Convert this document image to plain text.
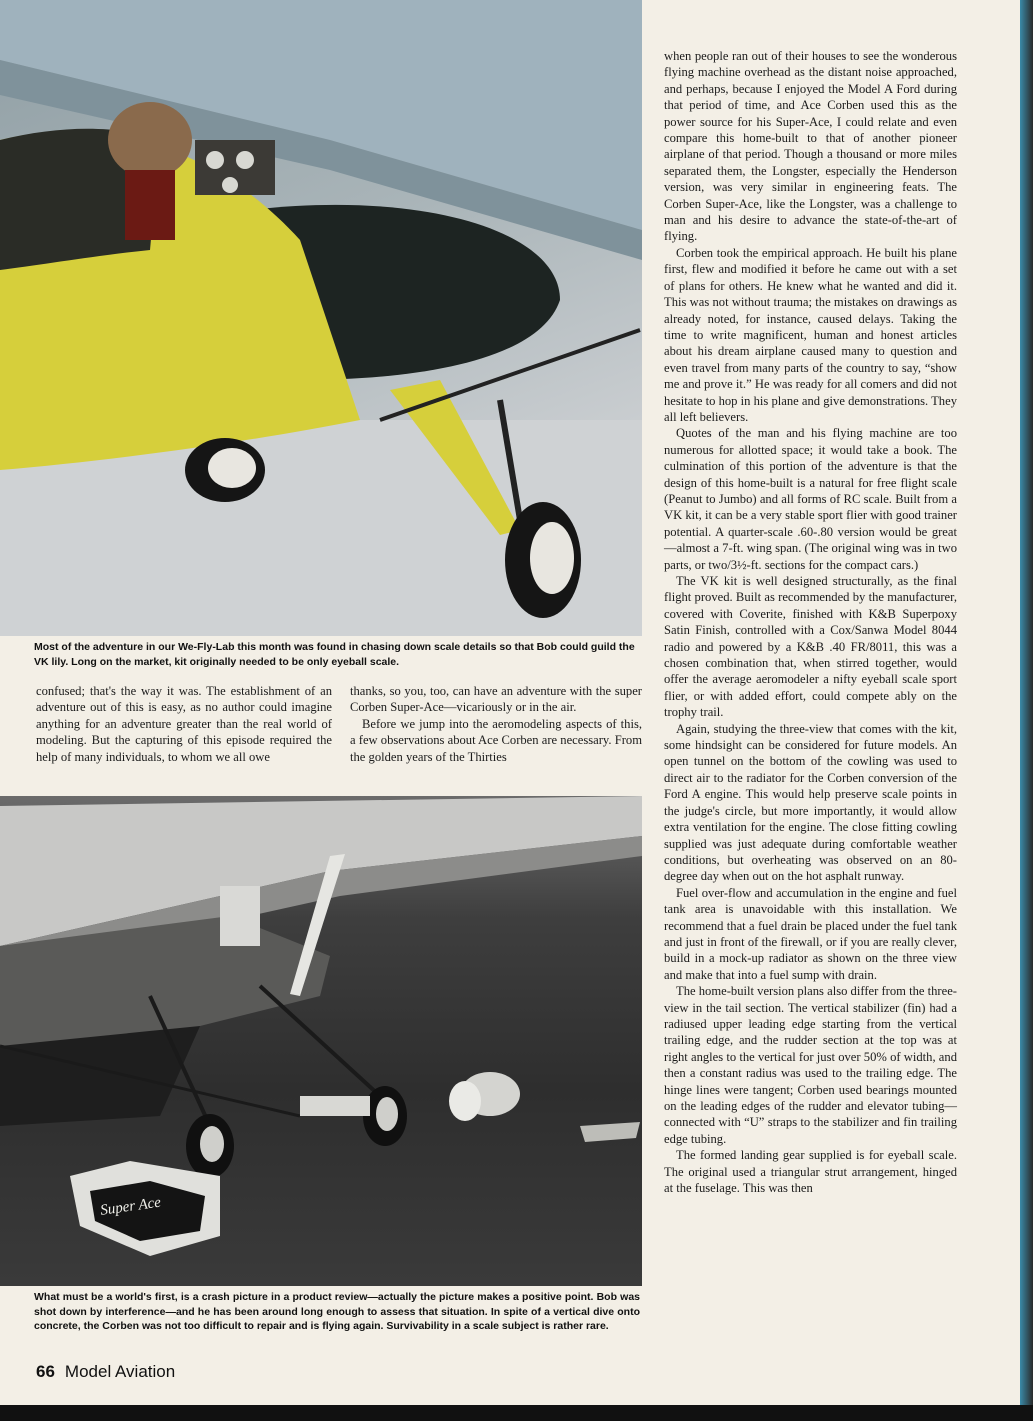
Most of the adventure in our We-Fly-Lab this month was found in chasing down scale details so that Bob could guild the VK lily. Long on the market, kit originally needed to be only eyeball scale.

confused; that's the way it was. The establishment of an adventure out of this is easy, as no author could imagine anything for an adventure greater than the real world of modeling. But the capturing of this episode required the help of many individuals, to whom we all owe

thanks, so you, too, can have an adventure with the super Corben Super-Ace—vicariously or in the air.

Before we jump into the aeromodeling aspects of this, a few observations about Ace Corben are necessary. From the golden years of the Thirties

Super Ace
What must be a world's first, is a crash picture in a product review—actually the picture makes a positive point. Bob was shot down by interference—and he has been around long enough to assess that situation. In spite of a vertical dive onto concrete, the Corben was not too difficult to repair and is flying again. Survivability in a scale subject is rather rare.

when people ran out of their houses to see the wonderous flying machine overhead as the distant noise approached, and perhaps, because I enjoyed the Model A Ford during that period of time, and Ace Corben used this as the power source for his Super-Ace, I could relate and even compare this home-built to that of another pioneer airplane of that period. Though a thousand or more miles separated them, the Longster, especially the Henderson version, was very similar in engineering feats. The Corben Super-Ace, like the Longster, was a challenge to man and his desire to advance the state-of-the-art of flying.

Corben took the empirical approach. He built his plane first, flew and modified it before he came out with a set of plans for others. He knew what he wanted and did it. This was not without trauma; the mistakes on drawings as already noted, for instance, caused delays. Taking the time to write magnificent, human and honest articles about his dream airplane caused many to question and even travel from many parts of the country to say, “show me and prove it.” He was ready for all comers and did not hesitate to hop in his plane and give demonstrations. They all left believers.

Quotes of the man and his flying machine are too numerous for allotted space; it would take a book. The culmination of this portion of the adventure is that the design of this home-built is a natural for free flight scale (Peanut to Jumbo) and all forms of RC scale. Built from a VK kit, it can be a very stable sport flier with good trainer potential. A quarter-scale .60-.80 version would be great—almost a 7-ft. wing span. (The original wing was in two parts, or two/3½-ft. sections for the compact cars.)

The VK kit is well designed structurally, as the final flight proved. Built as recommended by the manufacturer, covered with Coverite, finished with K&B Superpoxy Satin Finish, controlled with a Cox/Sanwa Model 8044 radio and powered by a K&B .40 FR/8011, this was a chosen combination that, when stirred together, would offer the average aeromodeler a nifty eyeball scale sport flier, or with added effort, could compete ably on the trophy trail.

Again, studying the three-view that comes with the kit, some hindsight can be considered for future models. An open tunnel on the bottom of the cowling was used to direct air to the radiator for the Corben conversion of the Ford A engine. This would help preserve scale points in the judge's circle, but more importantly, it would allow extra ventilation for the engine. The close fitting cowling supplied was just adequate during comfortable weather conditions, but overheating was observed on an 80-degree day when out on the hot asphalt runway.

Fuel over-flow and accumulation in the engine and fuel tank area is unavoidable with this installation. We recommend that a fuel drain be placed under the fuel tank and just in front of the firewall, or if you are really clever, build in a mock-up radiator as shown on the three view and make that into a fuel sump with drain.

The home-built version plans also differ from the three-view in the tail section. The vertical stabilizer (fin) had a radiused upper leading edge starting from the vertical trailing edge, and the rudder section at the top was at right angles to the vertical for just over 50% of width, and then a constant radius was used to the trailing edge. The hinge lines were tangent; Corben used bearings mounted on the leading edges of the rudder and elevator tubing—connected with “U” straps to the stabilizer and fin trailing edge tubing.

The formed landing gear supplied is for eyeball scale. The original used a triangular strut arrangement, hinged at the fuselage. This was then

66 Model Aviation
